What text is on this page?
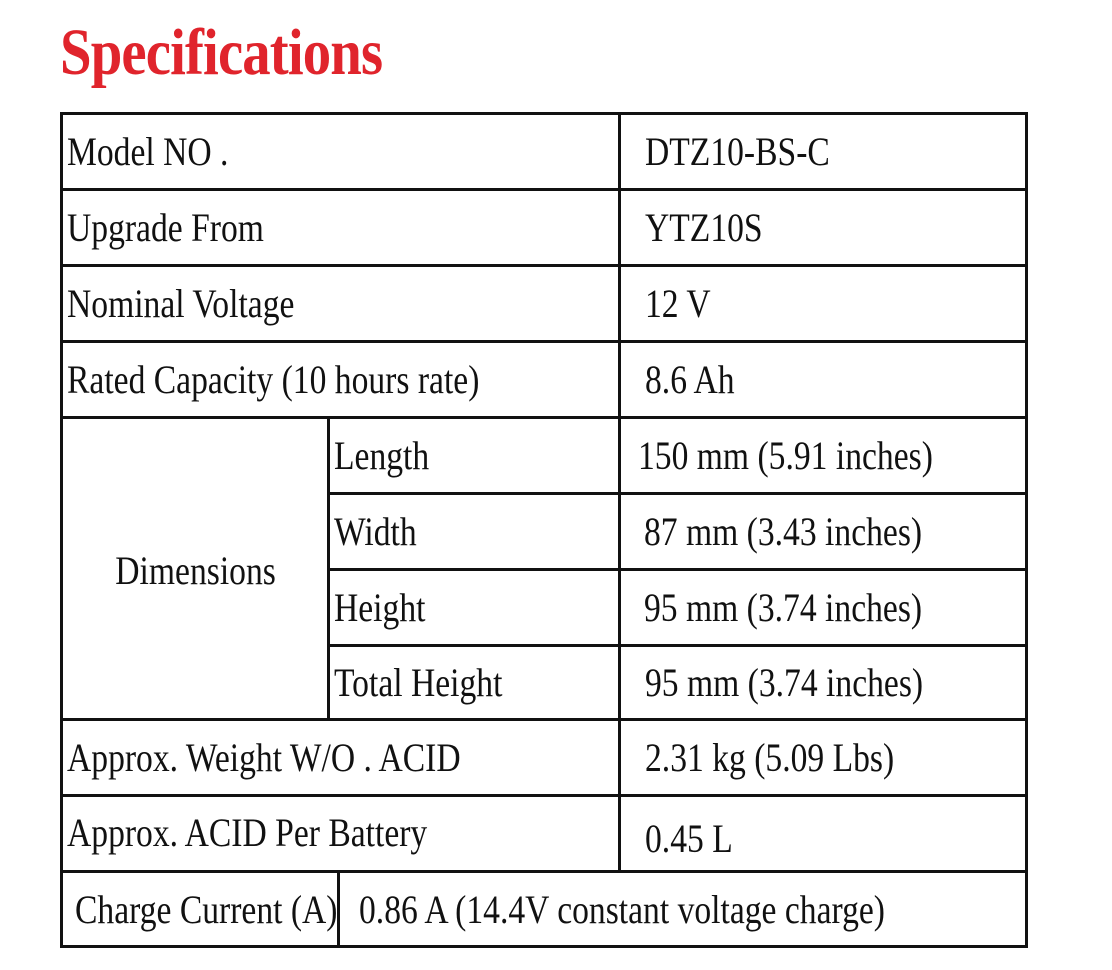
Specifications
Model NO .	DTZ10-BS-C
Upgrade From	YTZ10S
Nominal Voltage	12 V
Rated Capacity (10 hours rate)	8.6 Ah
Dimensions
Length	150 mm (5.91 inches)
Width	87 mm (3.43 inches)
Height	95 mm (3.74 inches)
Total Height	95 mm (3.74 inches)
Approx. Weight W/O . ACID	2.31 kg (5.09 Lbs)
Approx. ACID Per Battery	0.45 L
Charge Current (A) 0.86 A (14.4V constant voltage charge)
